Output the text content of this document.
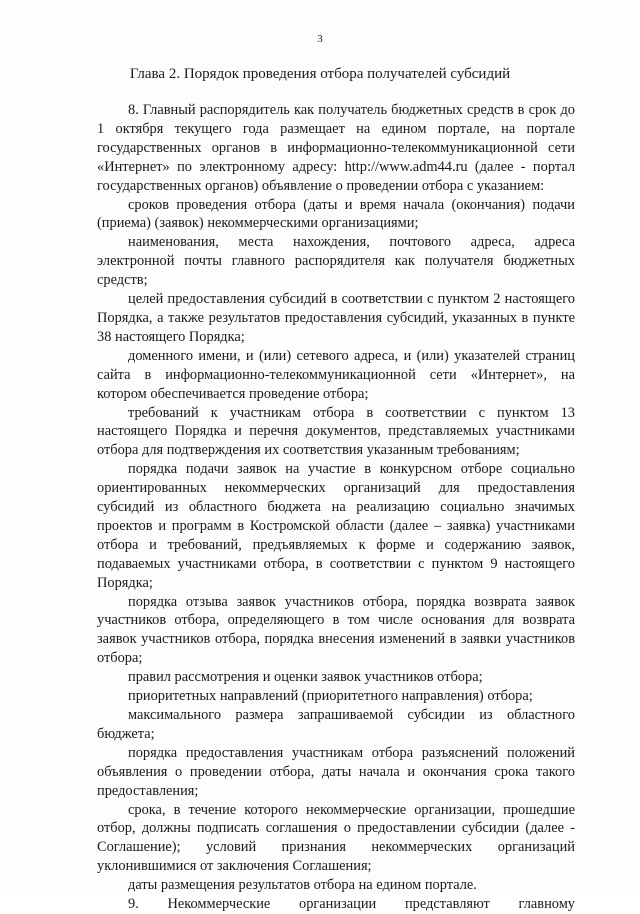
3
Глава 2. Порядок проведения отбора получателей субсидий

8. Главный распорядитель как получатель бюджетных средств в срок до 1 октября текущего года размещает на едином портале, на портале государственных органов в информационно-телекоммуникационной сети «Интернет» по электронному адресу: http://www.adm44.ru (далее - портал государственных органов) объявление о проведении отбора с указанием:

сроков проведения отбора (даты и время начала (окончания) подачи (приема) (заявок) некоммерческими организациями;

наименования, места нахождения, почтового адреса, адреса электронной почты главного распорядителя как получателя бюджетных средств;

целей предоставления субсидий в соответствии с пунктом 2 настоящего Порядка, а также результатов предоставления субсидий, указанных в пункте 38 настоящего Порядка;

доменного имени, и (или) сетевого адреса, и (или) указателей страниц сайта в информационно-телекоммуникационной сети «Интернет», на котором обеспечивается проведение отбора;

требований к участникам отбора в соответствии с пунктом 13 настоящего Порядка и перечня документов, представляемых участниками отбора для подтверждения их соответствия указанным требованиям;

порядка подачи заявок на участие в конкурсном отборе социально ориентированных некоммерческих организаций для предоставления субсидий из областного бюджета на реализацию социально значимых проектов и программ в Костромской области (далее – заявка) участниками отбора и требований, предъявляемых к форме и содержанию заявок, подаваемых участниками отбора, в соответствии с пунктом 9 настоящего Порядка;

порядка отзыва заявок участников отбора, порядка возврата заявок участников отбора, определяющего в том числе основания для возврата заявок участников отбора, порядка внесения изменений в заявки участников отбора;

правил рассмотрения и оценки заявок участников отбора;

приоритетных направлений (приоритетного направления) отбора;

максимального размера запрашиваемой субсидии из областного бюджета;

порядка предоставления участникам отбора разъяснений положений объявления о проведении отбора, даты начала и окончания срока такого предоставления;

срока, в течение которого некоммерческие организации, прошедшие отбор, должны подписать соглашения о предоставлении субсидии (далее - Соглашение); условий признания некоммерческих организаций уклонившимися от заключения Соглашения;

даты размещения результатов отбора на едином портале.

9. Некоммерческие организации представляют главному
